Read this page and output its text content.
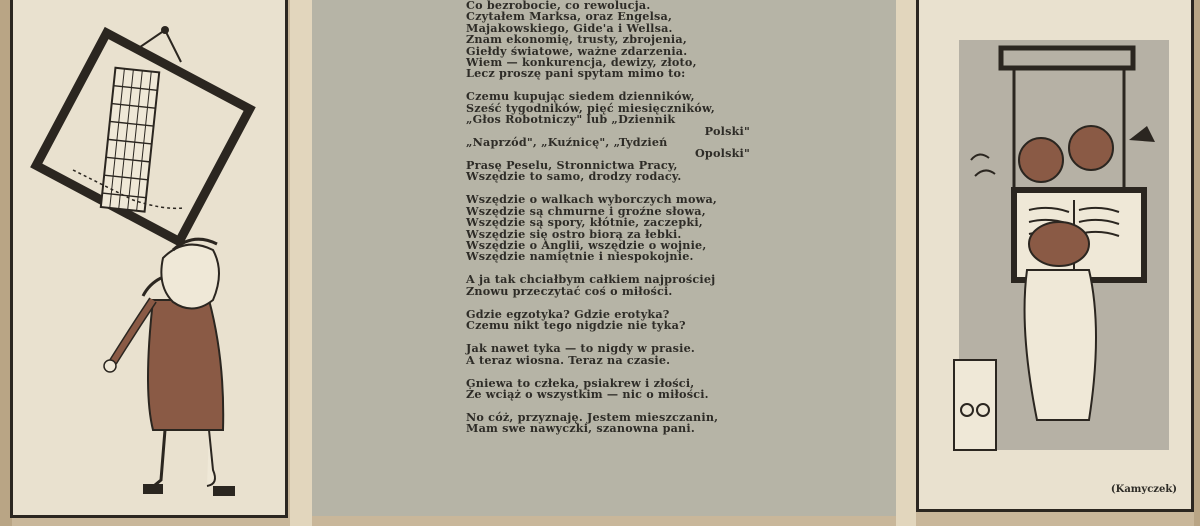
Co bezrobocie, co rewolucja.
Czytałem Marksa, oraz Engelsa,
Majakowskiego, Gide'a i Wellsa.
Znam ekonomię, trusty, zbrojenia,
Giełdy światowe, ważne zdarzenia.
Wiem — konkurencja, dewizy, złoto,
Lecz proszę pani spytam mimo to:
Czemu kupując siedem dzienników,
Sześć tygodników, pięć miesięczników,
„Głos Robotniczy" lub „Dziennik
Polski"
„Naprzód", „Kuźnicę", „Tydzień
Opolski"
Prasę Peselu, Stronnictwa Pracy,
Wszędzie to samo, drodzy rodacy.
Wszędzie o walkach wyborczych mowa,
Wszędzie są chmurne i groźne słowa,
Wszędzie są spory, kłótnie, zaczepki,
Wszędzie się ostro biorą za łebki.
Wszędzie o Anglii, wszędzie o wojnie,
Wszędzie namiętnie i niespokojnie.
A ja tak chciałbym całkiem najprościej
Znowu przeczytać coś o miłości.
Gdzie egzotyka? Gdzie erotyka?
Czemu nikt tego nigdzie nie tyka?
Jak nawet tyka — to nigdy w prasie.
A teraz wiosna. Teraz na czasie.
Gniewa to człeka, psiakrew i złości,
Że wciąż o wszystkim — nic o miłości.
No cóż, przyznaję. Jestem mieszczanin,
Mam swe nawyczki, szanowna pani.
(Kamyczek)
